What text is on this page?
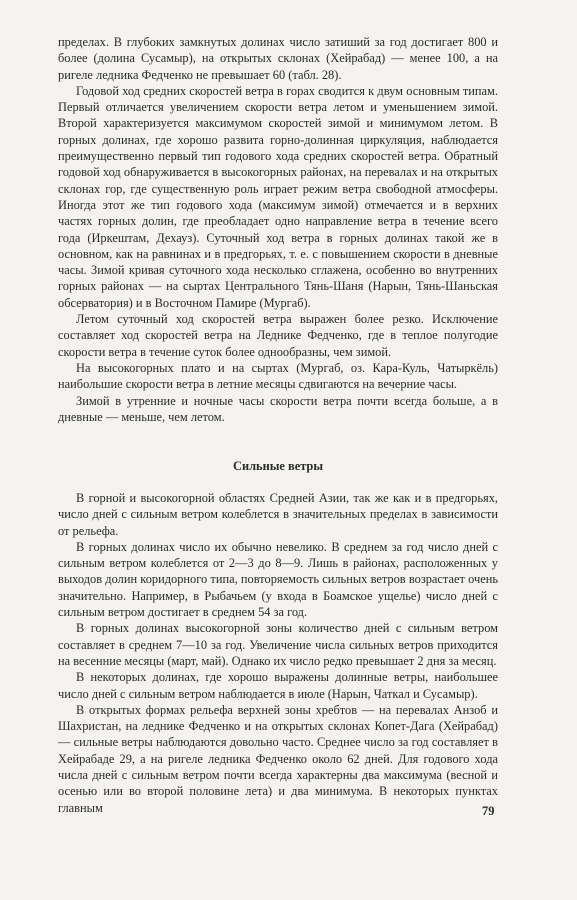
пределах. В глубоких замкнутых долинах число затиший за год достигает 800 и более (долина Сусамыр), на открытых склонах (Хейрабад) — менее 100, а на ригеле ледника Федченко не превышает 60 (табл. 28).

Годовой ход средних скоростей ветра в горах сводится к двум основным типам. Первый отличается увеличением скорости ветра летом и уменьшением зимой. Второй характеризуется максимумом скоростей зимой и минимумом летом. В горных долинах, где хорошо развита горно-долинная циркуляция, наблюдается преимущественно первый тип годового хода средних скоростей ветра. Обратный годовой ход обнаруживается в высокогорных районах, на перевалах и на открытых склонах гор, где существенную роль играет режим ветра свободной атмосферы. Иногда этот же тип годового хода (максимум зимой) отмечается и в верхних частях горных долин, где преобладает одно направление ветра в течение всего года (Иркештам, Дехауз). Суточный ход ветра в горных долинах такой же в основном, как на равнинах и в предгорьях, т. е. с повышением скорости в дневные часы. Зимой кривая суточного хода несколько сглажена, особенно во внутренних горных районах — на сыртах Центрального Тянь-Шаня (Нарын, Тянь-Шаньская обсерватория) и в Восточном Памире (Мургаб).

Летом суточный ход скоростей ветра выражен более резко. Исключение составляет ход скоростей ветра на Леднике Федченко, где в теплое полугодие скорости ветра в течение суток более однообразны, чем зимой.

На высокогорных плато и на сыртах (Мургаб, оз. Кара-Куль, Чатыркёль) наибольшие скорости ветра в летние месяцы сдвигаются на вечерние часы.

Зимой в утренние и ночные часы скорости ветра почти всегда больше, а в дневные — меньше, чем летом.

Сильные ветры

В горной и высокогорной областях Средней Азии, так же как и в предгорьях, число дней с сильным ветром колеблется в значительных пределах в зависимости от рельефа.

В горных долинах число их обычно невелико. В среднем за год число дней с сильным ветром колеблется от 2—3 до 8—9. Лишь в районах, расположенных у выходов долин коридорного типа, повторяемость сильных ветров возрастает очень значительно. Например, в Рыбачьем (у входа в Боамское ущелье) число дней с сильным ветром достигает в среднем 54 за год.

В горных долинах высокогорной зоны количество дней с сильным ветром составляет в среднем 7—10 за год. Увеличение числа сильных ветров приходится на весенние месяцы (март, май). Однако их число редко превышает 2 дня за месяц.

В некоторых долинах, где хорошо выражены долинные ветры, наибольшее число дней с сильным ветром наблюдается в июле (Нарын, Чаткал и Сусамыр).

В открытых формах рельефа верхней зоны хребтов — на перевалах Анзоб и Шахристан, на леднике Федченко и на открытых склонах Копет-Дага (Хейрабад) — сильные ветры наблюдаются довольно часто. Среднее число за год составляет в Хейрабаде 29, а на ригеле ледника Федченко около 62 дней. Для годового хода числа дней с сильным ветром почти всегда характерны два максимума (весной и осенью или во второй половине лета) и два минимума. В некоторых пунктах главным	79
